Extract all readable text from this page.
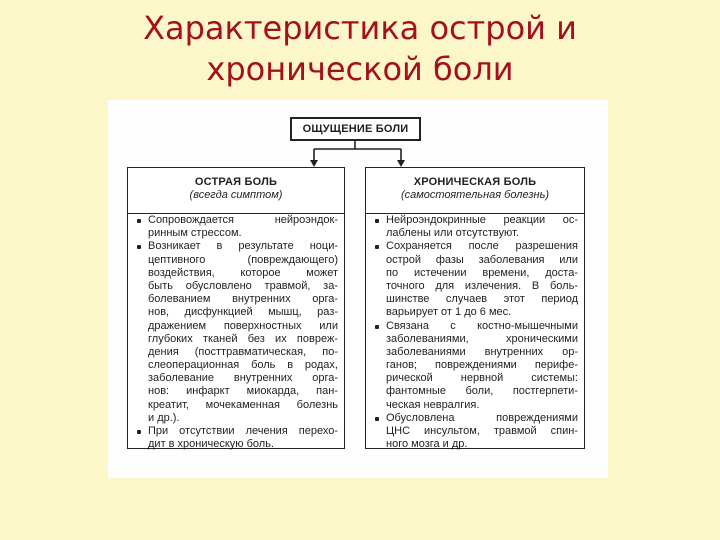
Характеристика острой и
хронической боли
ОЩУЩЕНИЕ БОЛИ
ОСТРАЯ БОЛЬ
(всегда симптом)
Сопровождается нейроэндок-
ринным стрессом.
Возникает в результате ноци-
цептивного (повреждающего)
воздействия, которое может
быть обусловлено травмой, за-
болеванием внутренних орга-
нов, дисфункцией мышц, раз-
дражением поверхностных или
глубоких тканей без их повреж-
дения (посттравматическая, по-
слеоперационная боль в родах,
заболевание внутренних орга-
нов: инфаркт миокарда, пан-
креатит, мочекаменная болезнь
и др.).
При отсутствии лечения перехо-
дит в хроническую боль.
ХРОНИЧЕСКАЯ БОЛЬ
(самостоятельная болезнь)
Нейроэндокринные реакции ос-
лаблены или отсутствуют.
Сохраняется после разрешения
острой фазы заболевания или
по истечении времени, доста-
точного для излечения. В боль-
шинстве случаев этот период
варьирует от 1 до 6 мес.
Связана с костно-мышечными
заболеваниями, хроническими
заболеваниями внутренних ор-
ганов; повреждениями перифе-
рической нервной системы:
фантомные боли, постгерпети-
ческая невралгия.
Обусловлена повреждениями
ЦНС инсультом, травмой спин-
ного мозга и др.
